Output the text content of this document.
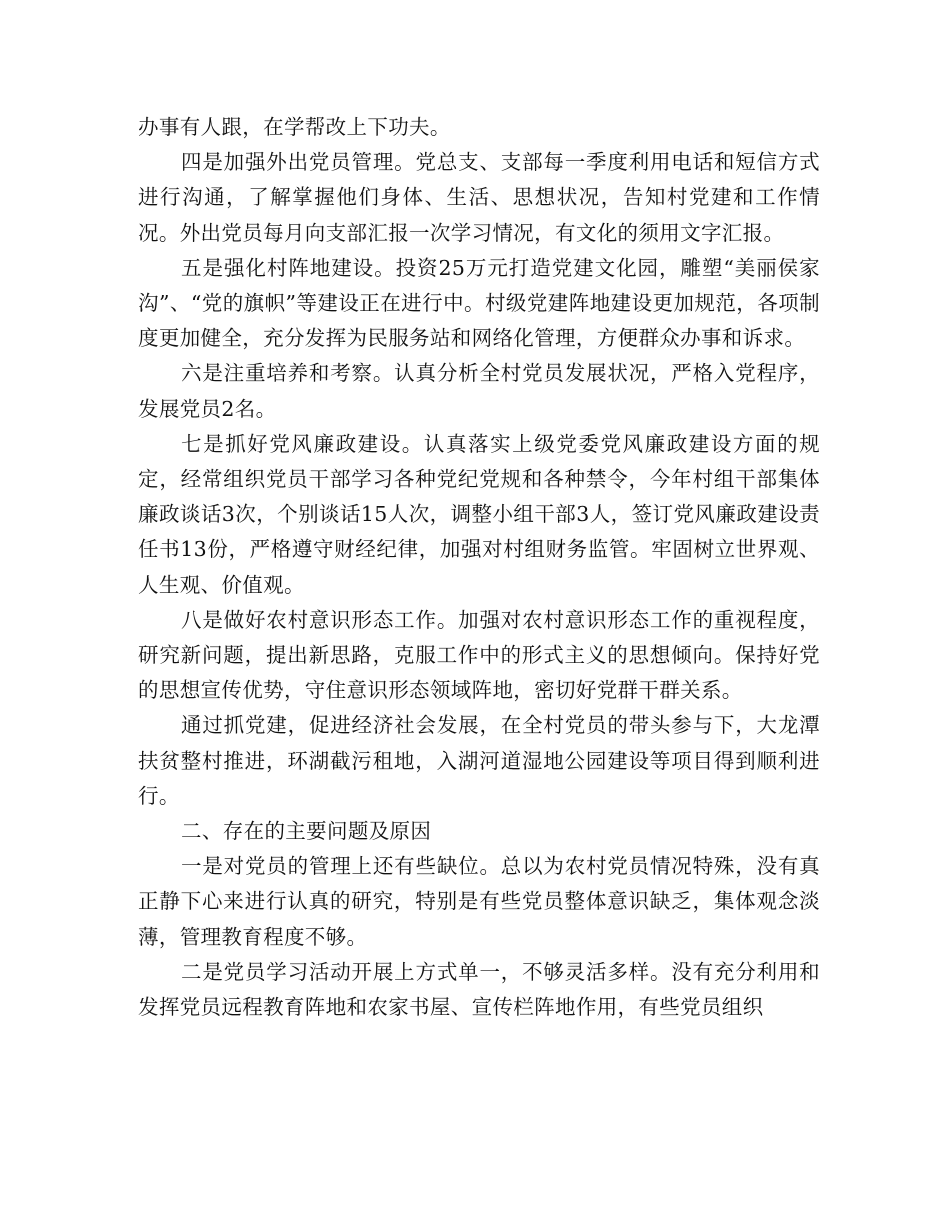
办事有人跟，在学帮改上下功夫。

四是加强外出党员管理。党总支、支部每一季度利用电话和短信方式进行沟通，了解掌握他们身体、生活、思想状况，告知村党建和工作情况。外出党员每月向支部汇报一次学习情况，有文化的须用文字汇报。

五是强化村阵地建设。投资25万元打造党建文化园，雕塑“美丽侯家沟”、“党的旗帜”等建设正在进行中。村级党建阵地建设更加规范，各项制度更加健全，充分发挥为民服务站和网络化管理，方便群众办事和诉求。

六是注重培养和考察。认真分析全村党员发展状况，严格入党程序，发展党员2名。

七是抓好党风廉政建设。认真落实上级党委党风廉政建设方面的规定，经常组织党员干部学习各种党纪党规和各种禁令，今年村组干部集体廉政谈话3次，个别谈话15人次，调整小组干部3人，签订党风廉政建设责任书13份，严格遵守财经纪律，加强对村组财务监管。牢固树立世界观、人生观、价值观。

八是做好农村意识形态工作。加强对农村意识形态工作的重视程度，研究新问题，提出新思路，克服工作中的形式主义的思想倾向。保持好党的思想宣传优势，守住意识形态领域阵地，密切好党群干群关系。

通过抓党建，促进经济社会发展，在全村党员的带头参与下，大龙潭扶贫整村推进，环湖截污租地，入湖河道湿地公园建设等项目得到顺利进行。

二、存在的主要问题及原因

一是对党员的管理上还有些缺位。总以为农村党员情况特殊，没有真正静下心来进行认真的研究，特别是有些党员整体意识缺乏，集体观念淡薄，管理教育程度不够。

二是党员学习活动开展上方式单一，不够灵活多样。没有充分利用和发挥党员远程教育阵地和农家书屋、宣传栏阵地作用，有些党员组织
